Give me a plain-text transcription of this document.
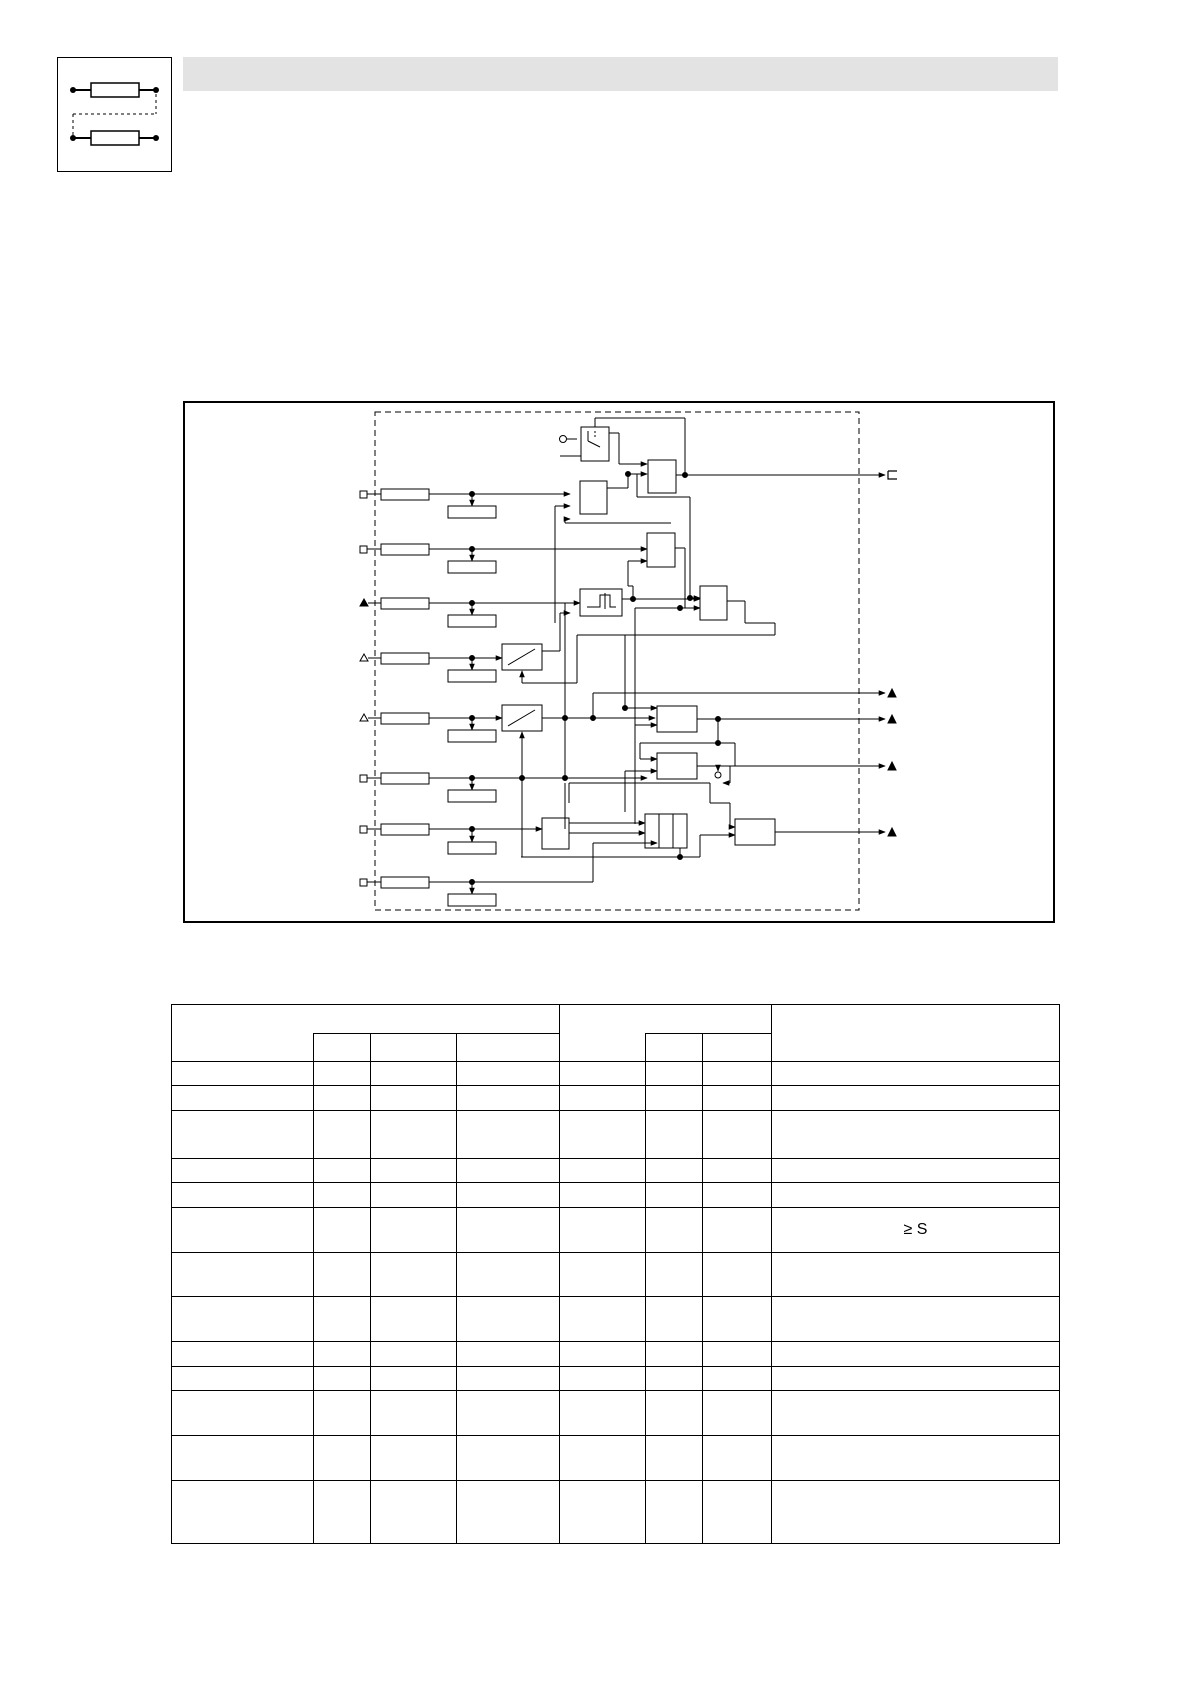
							≥ S
